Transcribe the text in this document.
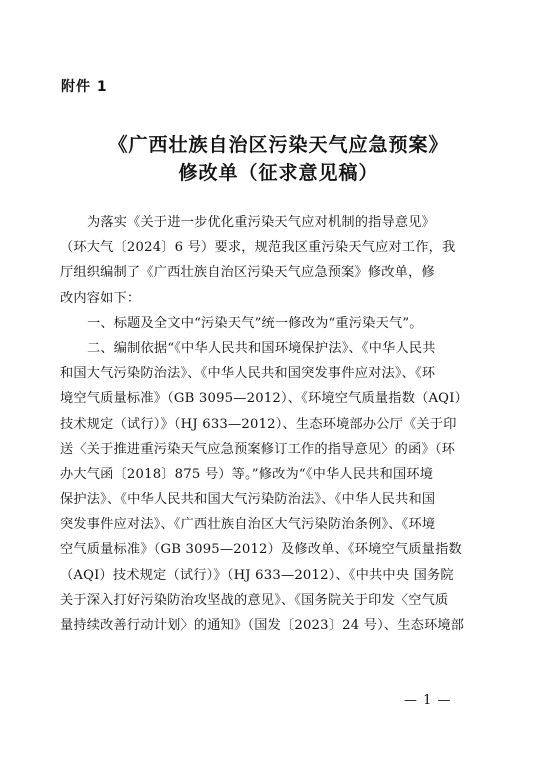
附件 1
《广西壮族自治区污染天气应急预案》
修改单（征求意见稿）
为落实《关于进一步优化重污染天气应对机制的指导意见》
（环大气〔2024〕6 号）要求，规范我区重污染天气应对工作，我
厅组织编制了《广西壮族自治区污染天气应急预案》修改单，修
改内容如下：
一、标题及全文中“污染天气”统一修改为“重污染天气”。
二、编制依据“《中华人民共和国环境保护法》、《中华人民共
和国大气污染防治法》、《中华人民共和国突发事件应对法》、《环
境空气质量标准》（GB 3095—2012）、《环境空气质量指数（AQI）
技术规定（试行）》（HJ 633—2012）、生态环境部办公厅《关于印
送〈关于推进重污染天气应急预案修订工作的指导意见〉的函》（环
办大气函〔2018〕875 号）等。”修改为“《中华人民共和国环境
保护法》、《中华人民共和国大气污染防治法》、《中华人民共和国
突发事件应对法》、《广西壮族自治区大气污染防治条例》、《环境
空气质量标准》（GB 3095—2012）及修改单、《环境空气质量指数
（AQI）技术规定（试行）》（HJ 633—2012）、《中共中央 国务院
关于深入打好污染防治攻坚战的意见》、《国务院关于印发〈空气质
量持续改善行动计划〉的通知》（国发〔2023〕24 号）、生态环境部
— 1 —
